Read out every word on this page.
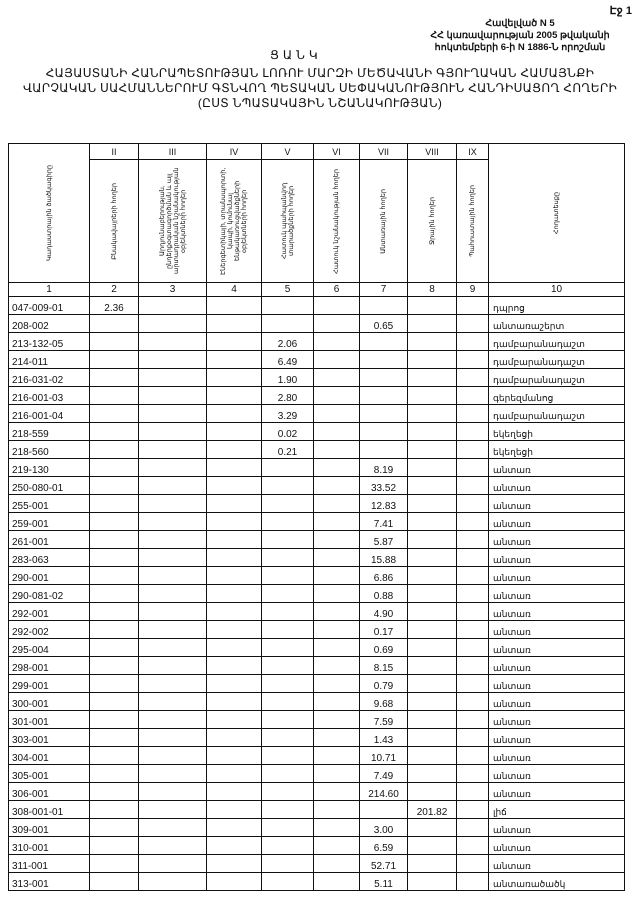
Էջ 1
Հավելված N 5
ՀՀ կառավարության 2005 թվականի
հոկտեմբերի 6-ի N 1886-Ն որոշման
ՑԱՆԿ
ՀԱՅԱՍՏԱՆԻ ՀԱՆՐԱՊԵՏՈՒԹՅԱՆ ԼՈՌՈՒ ՄԱՐԶԻ ՄԵԾԱՎԱՆԻ ԳՅՈՒՂԱԿԱՆ ՀԱՄԱՅՆՔԻ ՎԱՐՉԱԿԱՆ ՍԱՀՄԱՆՆԵՐՈՒՄ ԳՏՆՎՈՂ ՊԵՏԱԿԱՆ ՍԵՓԱԿԱՆՈՒԹՅՈՒՆ ՀԱՆԴԻՍԱՑՈՂ ՀՈՂԵՐԻ (ԸՍՏ ՆՊԱՏԱԿԱՅԻՆ ՆՇԱՆԱԿՈՒԹՅԱՆ)
Կադաստրային ծածկագիրը	II	III	IV	V	VI	VII	VIII	IX	Հողատեսքը

	Բնակավայրերի հողեր	Արդյունաբերության, ընդերքօգտագործման և այլ արտադրական նշանակության օբյեկտների հողեր	Էներգետիկայի, տրանսպորտի, կապի, կոմունալ ենթակառուցվածքների օբյեկտների հողեր	Հատուկ պահպանվող տարածքների հողեր	Հատուկ նշանակության հողեր	Անտառային հողեր	Ջրային հողեր	Պահուստային հողեր	

1	2	3	4	5	6	7	8	9	10
047-009-01	2.36								դպրոց
208-002						0.65			անտառաշերտ
213-132-05				2.06					դամբարանադաշտ
214-011				6.49					դամբարանադաշտ
216-031-02				1.90					դամբարանադաշտ
216-001-03				2.80					գերեզմանոց
216-001-04				3.29					դամբարանադաշտ
218-559				0.02					եկեղեցի
218-560				0.21					եկեղեցի
219-130						8.19			անտառ
250-080-01						33.52			անտառ
255-001						12.83			անտառ
259-001						7.41			անտառ
261-001						5.87			անտառ
283-063						15.88			անտառ
290-001						6.86			անտառ
290-081-02						0.88			անտառ
292-001						4.90			անտառ
292-002						0.17			անտառ
295-004						0.69			անտառ
298-001						8.15			անտառ
299-001						0.79			անտառ
300-001						9.68			անտառ
301-001						7.59			անտառ
303-001						1.43			անտառ
304-001						10.71			անտառ
305-001						7.49			անտառ
306-001						214.60			անտառ
308-001-01							201.82		լիճ
309-001						3.00			անտառ
310-001						6.59			անտառ
311-001						52.71			անտառ
313-001						5.11			անտառածածկ
